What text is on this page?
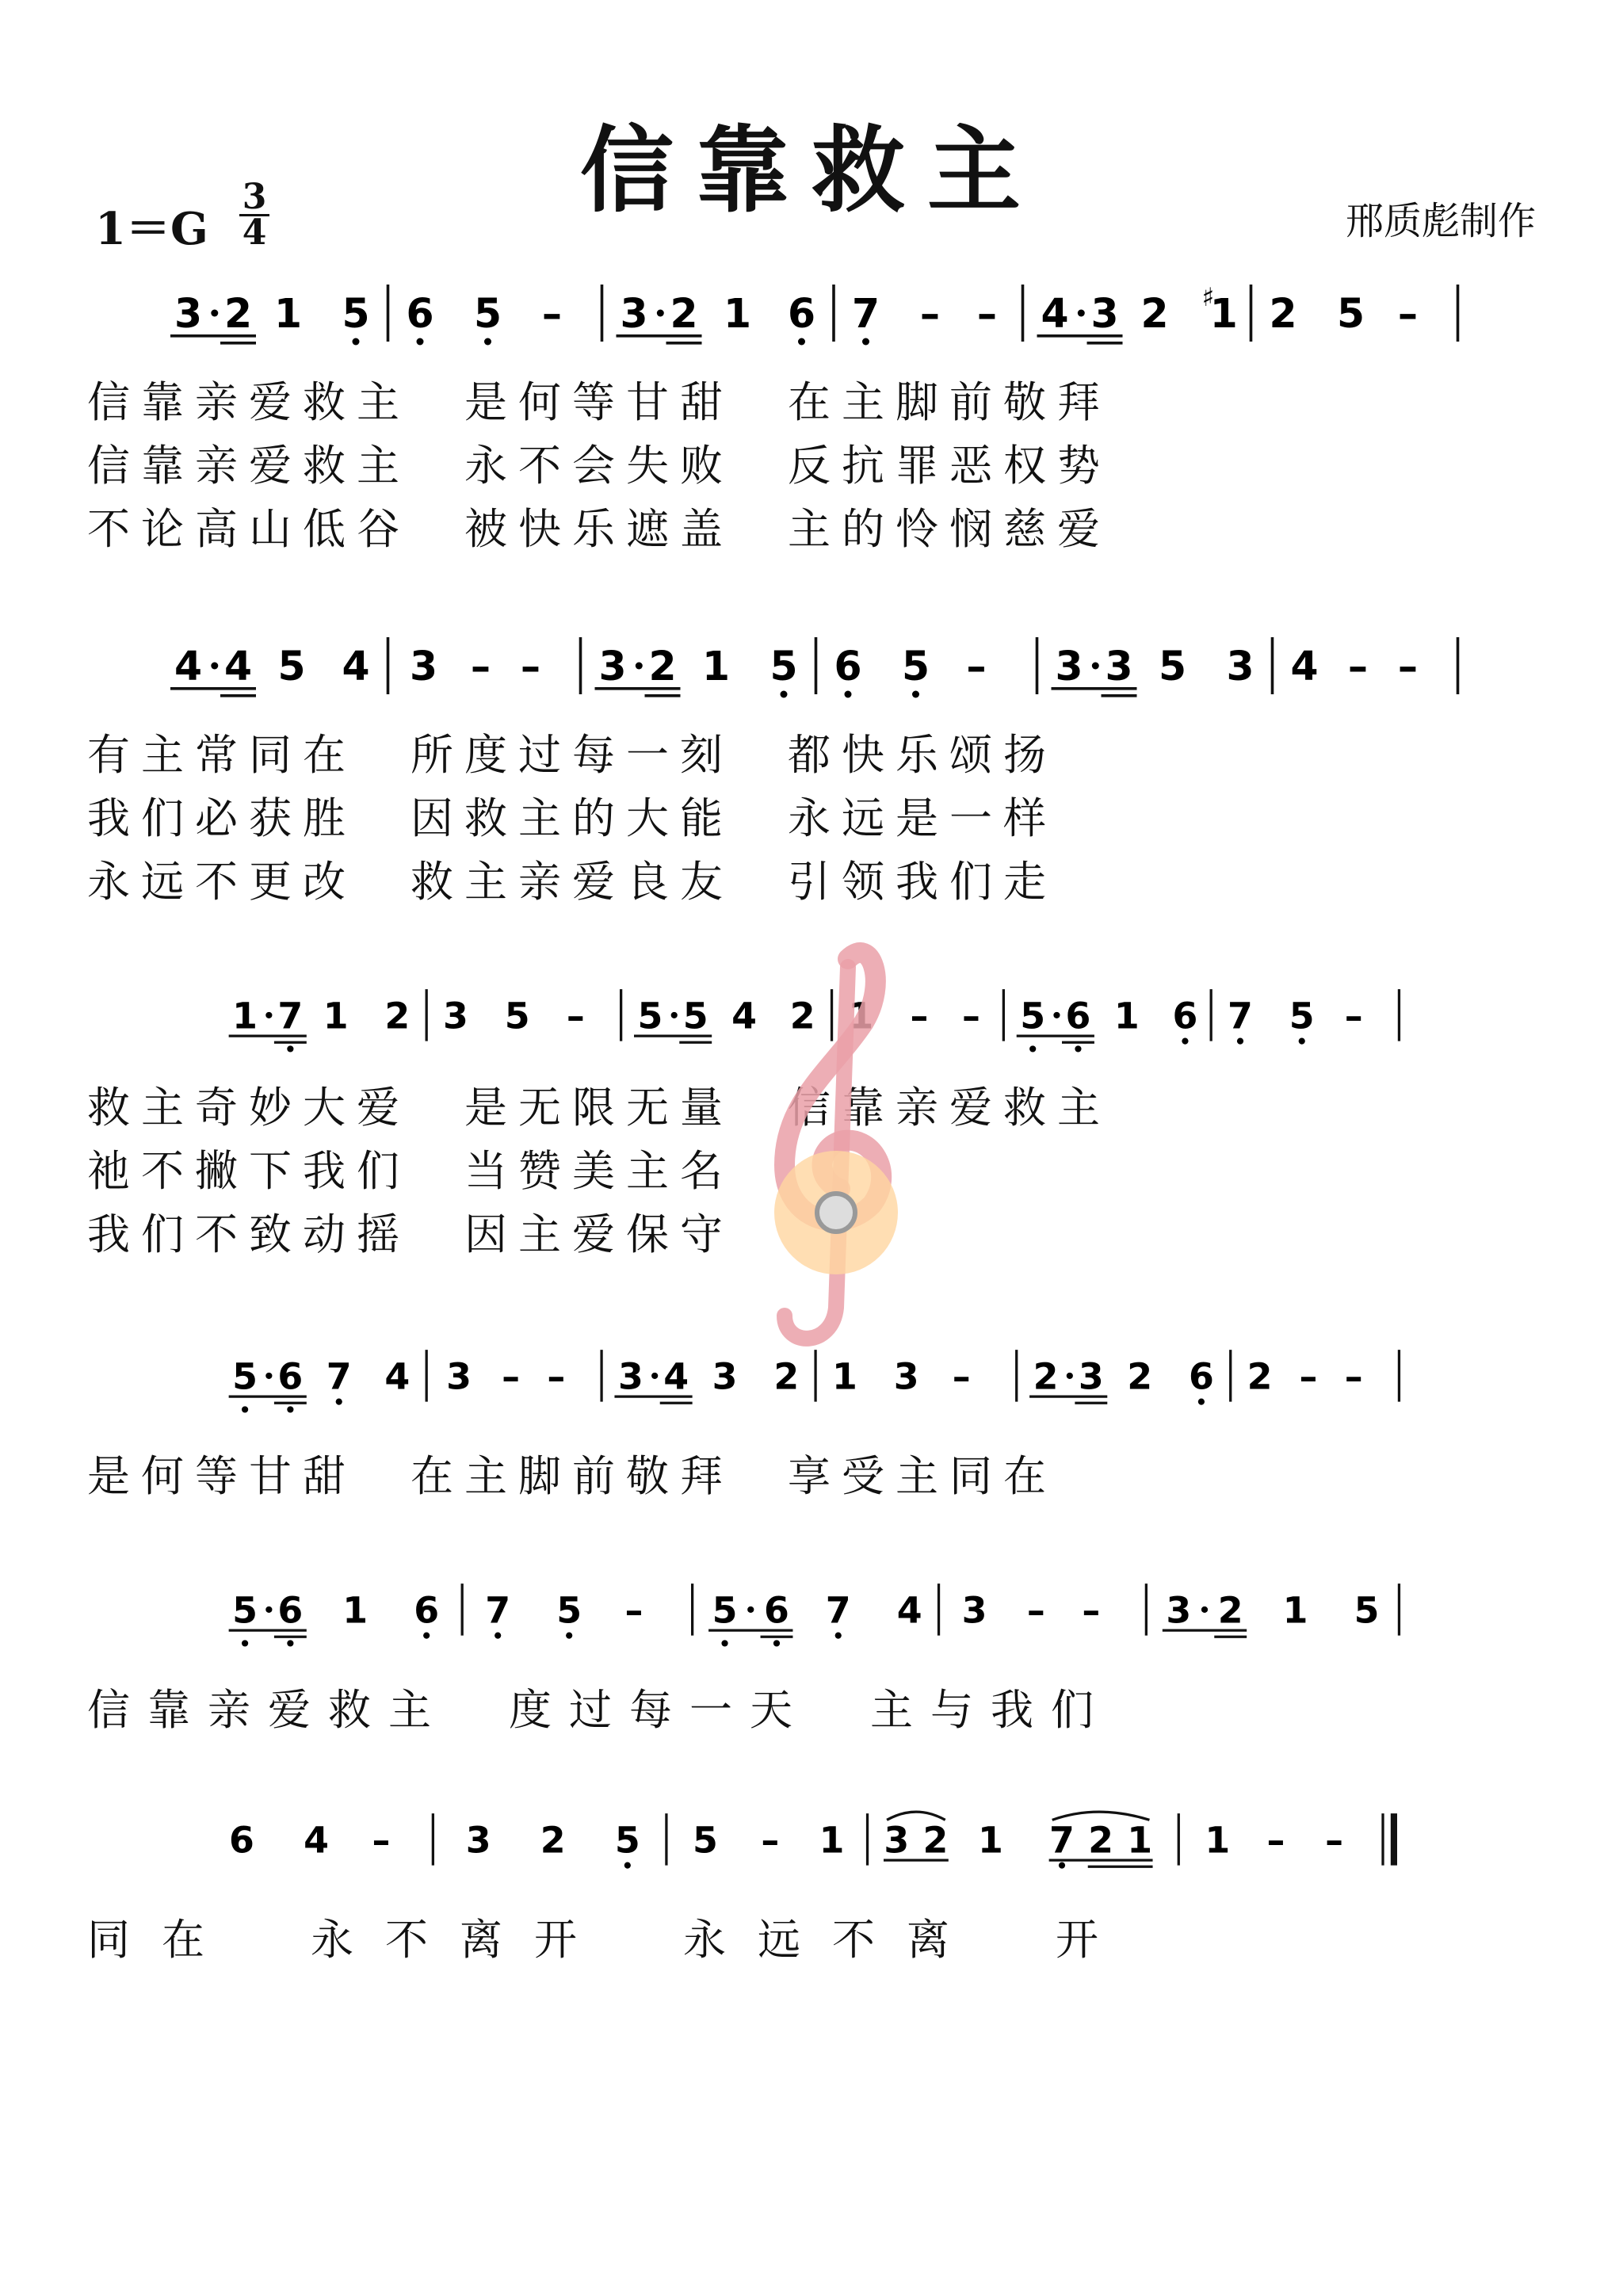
信靠救主
1＝G
3
4	邢质彪制作
3 2 1 5 6 5 – 3 2 1 6 7 – – 4 3 2 ♯
1 2 5 –
信靠亲爱救主　是何等甘甜　在主脚前敬拜
信靠亲爱救主　永不会失败　反抗罪恶权势
不论高山低谷　被快乐遮盖　主的怜悯慈爱
4 4 5 4 3 – – 3 2 1 5 6 5 – 3 3 5 3 4 – –
有主常同在　所度过每一刻　都快乐颂扬
我们必获胜　因救主的大能　永远是一样
永远不更改　救主亲爱良友　引领我们走
1 7 1 2 3 5 – 5 5 4 2 1 – – 5 6 1 6 7 5 –
救主奇妙大爱　是无限无量　信靠亲爱救主
祂不撇下我们　当赞美主名
我们不致动摇　因主爱保守
5 6 7 4 3 – – 3 4 3 2 1 3 – 2 3 2 6 2 – –
是何等甘甜　在主脚前敬拜　享受主同在
5 6 1 6 7 5 – 5 6 7 4 3 – – 3 2 1 5
信靠亲爱救主　度过每一天　主与我们
6 4 – 3 2 5 5 – 1 3 2 1 7 2 1 1 – –
同在　永不离开　永远不离　开
